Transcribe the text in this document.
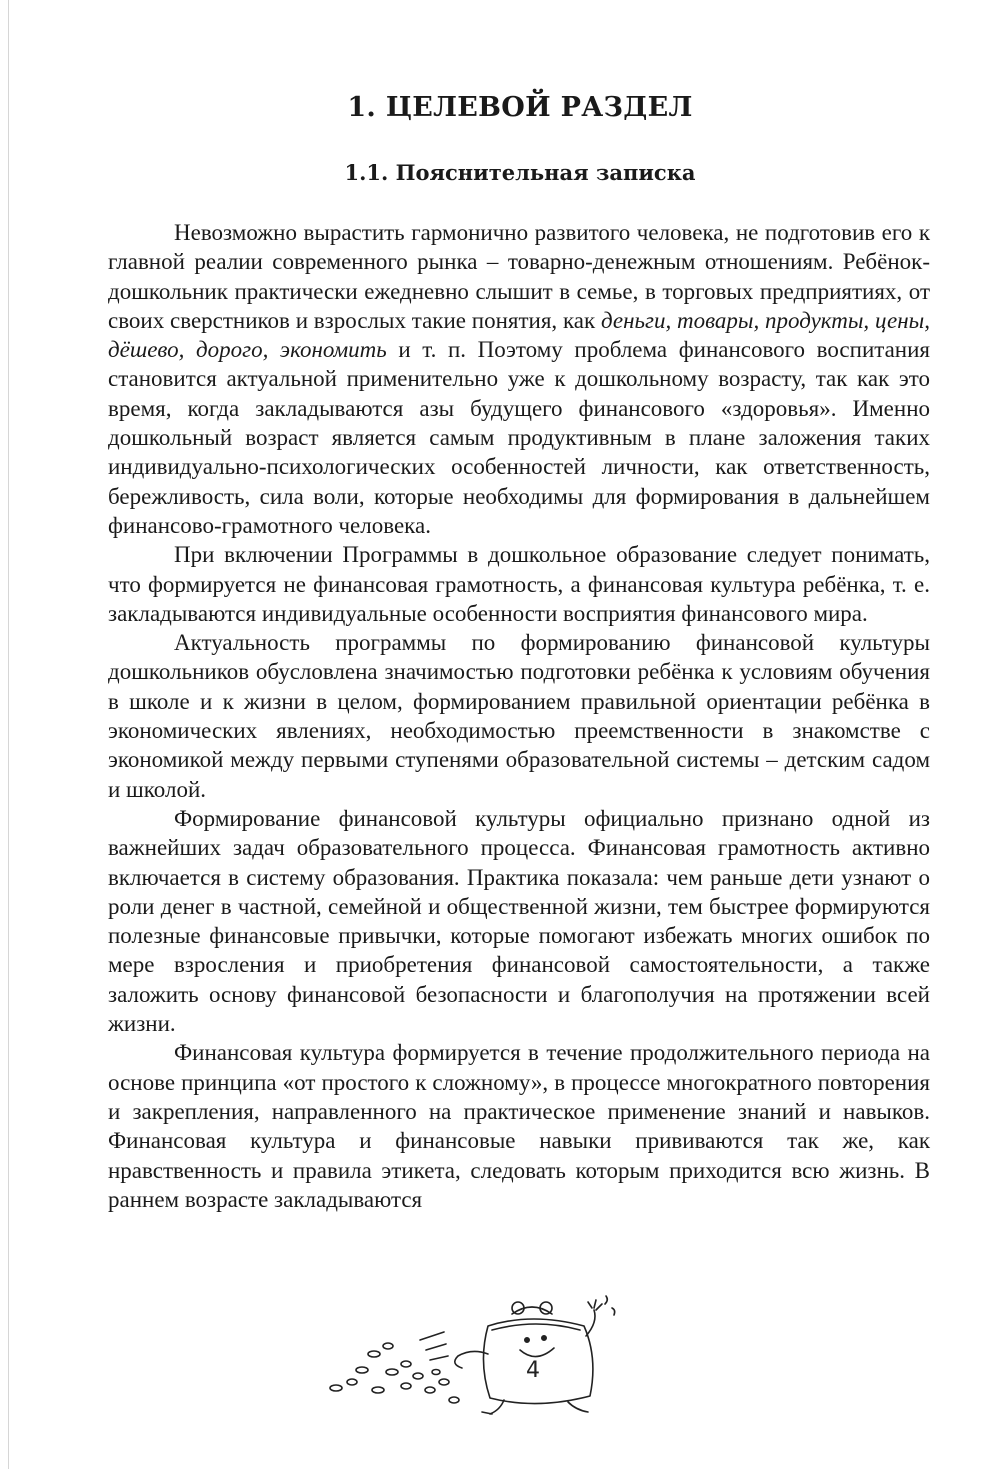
1. ЦЕЛЕВОЙ РАЗДЕЛ
1.1. Пояснительная записка

Невозможно вырастить гармонично развитого человека, не подготовив его к главной реалии современного рынка – товарно-денежным отношениям. Ребёнок-дошкольник практически ежедневно слышит в семье, в торговых предприятиях, от своих сверстников и взрослых такие понятия, как деньги, товары, продукты, цены, дёшево, дорого, экономить и т. п. Поэтому проблема финансового воспитания становится актуальной применительно уже к дошкольному возрасту, так как это время, когда закладываются азы будущего финансового «здоровья». Именно дошкольный возраст является самым продуктивным в плане заложения таких индивидуально-психологических особенностей личности, как ответственность, бережливость, сила воли, которые необходимы для формирования в дальнейшем финансово-грамотного человека.

При включении Программы в дошкольное образование следует понимать, что формируется не финансовая грамотность, а финансовая культура ребёнка, т. е. закладываются индивидуальные особенности восприятия финансового мира.

Актуальность программы по формированию финансовой культуры дошкольников обусловлена значимостью подготовки ребёнка к условиям обучения в школе и к жизни в целом, формированием правильной ориентации ребёнка в экономических явлениях, необходимостью преемственности в знакомстве с экономикой между первыми ступенями образовательной системы – детским садом и школой.

Формирование финансовой культуры официально признано одной из важнейших задач образовательного процесса. Финансовая грамотность активно включается в систему образования. Практика показала: чем раньше дети узнают о роли денег в частной, семейной и общественной жизни, тем быстрее формируются полезные финансовые привычки, которые помогают избежать многих ошибок по мере взросления и приобретения финансовой самостоятельности, а также заложить основу финансовой безопасности и благополучия на протяжении всей жизни.

Финансовая культура формируется в течение продолжительного периода на основе принципа «от простого к сложному», в процессе многократного повторения и закрепления, направленного на практическое применение знаний и навыков. Финансовая культура и финансовые навыки прививаются так же, как нравственность и правила этикета, следовать которым приходится всю жизнь. В раннем возрасте закладываются

4
